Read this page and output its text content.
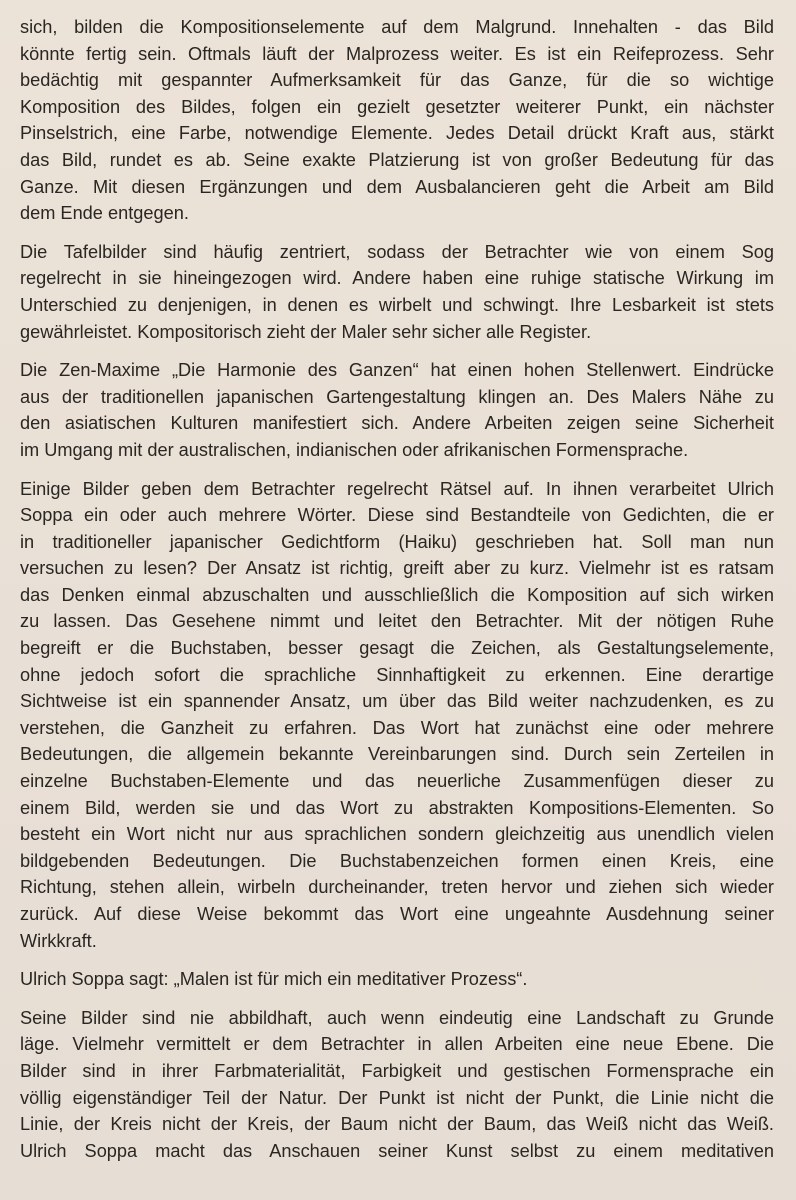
sich, bilden die Kompositionselemente auf dem Malgrund. Innehalten - das Bild
könnte fertig sein. Oftmals läuft der Malprozess weiter. Es ist ein Reifeprozess. Sehr
bedächtig mit gespannter Aufmerksamkeit für das Ganze, für die so wichtige
Komposition des Bildes, folgen ein gezielt gesetzter weiterer Punkt, ein nächster
Pinselstrich, eine Farbe, notwendige Elemente. Jedes Detail drückt Kraft aus, stärkt
das Bild, rundet es ab. Seine exakte Platzierung ist von großer Bedeutung für das
Ganze. Mit diesen Ergänzungen und dem Ausbalancieren geht die Arbeit am Bild
dem Ende entgegen.
Die Tafelbilder sind häufig zentriert, sodass der Betrachter wie von einem Sog
regelrecht in sie hineingezogen wird. Andere haben eine ruhige statische Wirkung im
Unterschied zu denjenigen, in denen es wirbelt und schwingt. Ihre Lesbarkeit ist stets
gewährleistet. Kompositorisch zieht der Maler sehr sicher alle Register.
Die Zen-Maxime „Die Harmonie des Ganzen“ hat einen hohen Stellenwert. Eindrücke
aus der traditionellen japanischen Gartengestaltung klingen an. Des Malers Nähe zu
den asiatischen Kulturen manifestiert sich. Andere Arbeiten zeigen seine Sicherheit
im Umgang mit der australischen, indianischen oder afrikanischen Formensprache.
Einige Bilder geben dem Betrachter regelrecht Rätsel auf. In ihnen verarbeitet Ulrich
Soppa ein oder auch mehrere Wörter. Diese sind Bestandteile von Gedichten, die er
in traditioneller japanischer Gedichtform (Haiku) geschrieben hat. Soll man nun
versuchen zu lesen? Der Ansatz ist richtig, greift aber zu kurz. Vielmehr ist es ratsam
das Denken einmal abzuschalten und ausschließlich die Komposition auf sich wirken
zu lassen. Das Gesehene nimmt und leitet den Betrachter. Mit der nötigen Ruhe
begreift er die Buchstaben, besser gesagt die Zeichen, als Gestaltungselemente,
ohne jedoch sofort die sprachliche Sinnhaftigkeit zu erkennen. Eine derartige
Sichtweise ist ein spannender Ansatz, um über das Bild weiter nachzudenken, es zu
verstehen, die Ganzheit zu erfahren. Das Wort hat zunächst eine oder mehrere
Bedeutungen, die allgemein bekannte Vereinbarungen sind. Durch sein Zerteilen in
einzelne Buchstaben-Elemente und das neuerliche Zusammenfügen dieser zu
einem Bild, werden sie und das Wort zu abstrakten Kompositions-Elementen. So
besteht ein Wort nicht nur aus sprachlichen sondern gleichzeitig aus unendlich vielen
bildgebenden Bedeutungen. Die Buchstabenzeichen formen einen Kreis, eine
Richtung, stehen allein, wirbeln durcheinander, treten hervor und ziehen sich wieder
zurück. Auf diese Weise bekommt das Wort eine ungeahnte Ausdehnung seiner
Wirkkraft.
Ulrich Soppa sagt: „Malen ist für mich ein meditativer Prozess“.
Seine Bilder sind nie abbildhaft, auch wenn eindeutig eine Landschaft zu Grunde
läge. Vielmehr vermittelt er dem Betrachter in allen Arbeiten eine neue Ebene. Die
Bilder sind in ihrer Farbmaterialität, Farbigkeit und gestischen Formensprache ein
völlig eigenständiger Teil der Natur. Der Punkt ist nicht der Punkt, die Linie nicht die
Linie, der Kreis nicht der Kreis, der Baum nicht der Baum, das Weiß nicht das Weiß.
Ulrich Soppa macht das Anschauen seiner Kunst selbst zu einem meditativen
